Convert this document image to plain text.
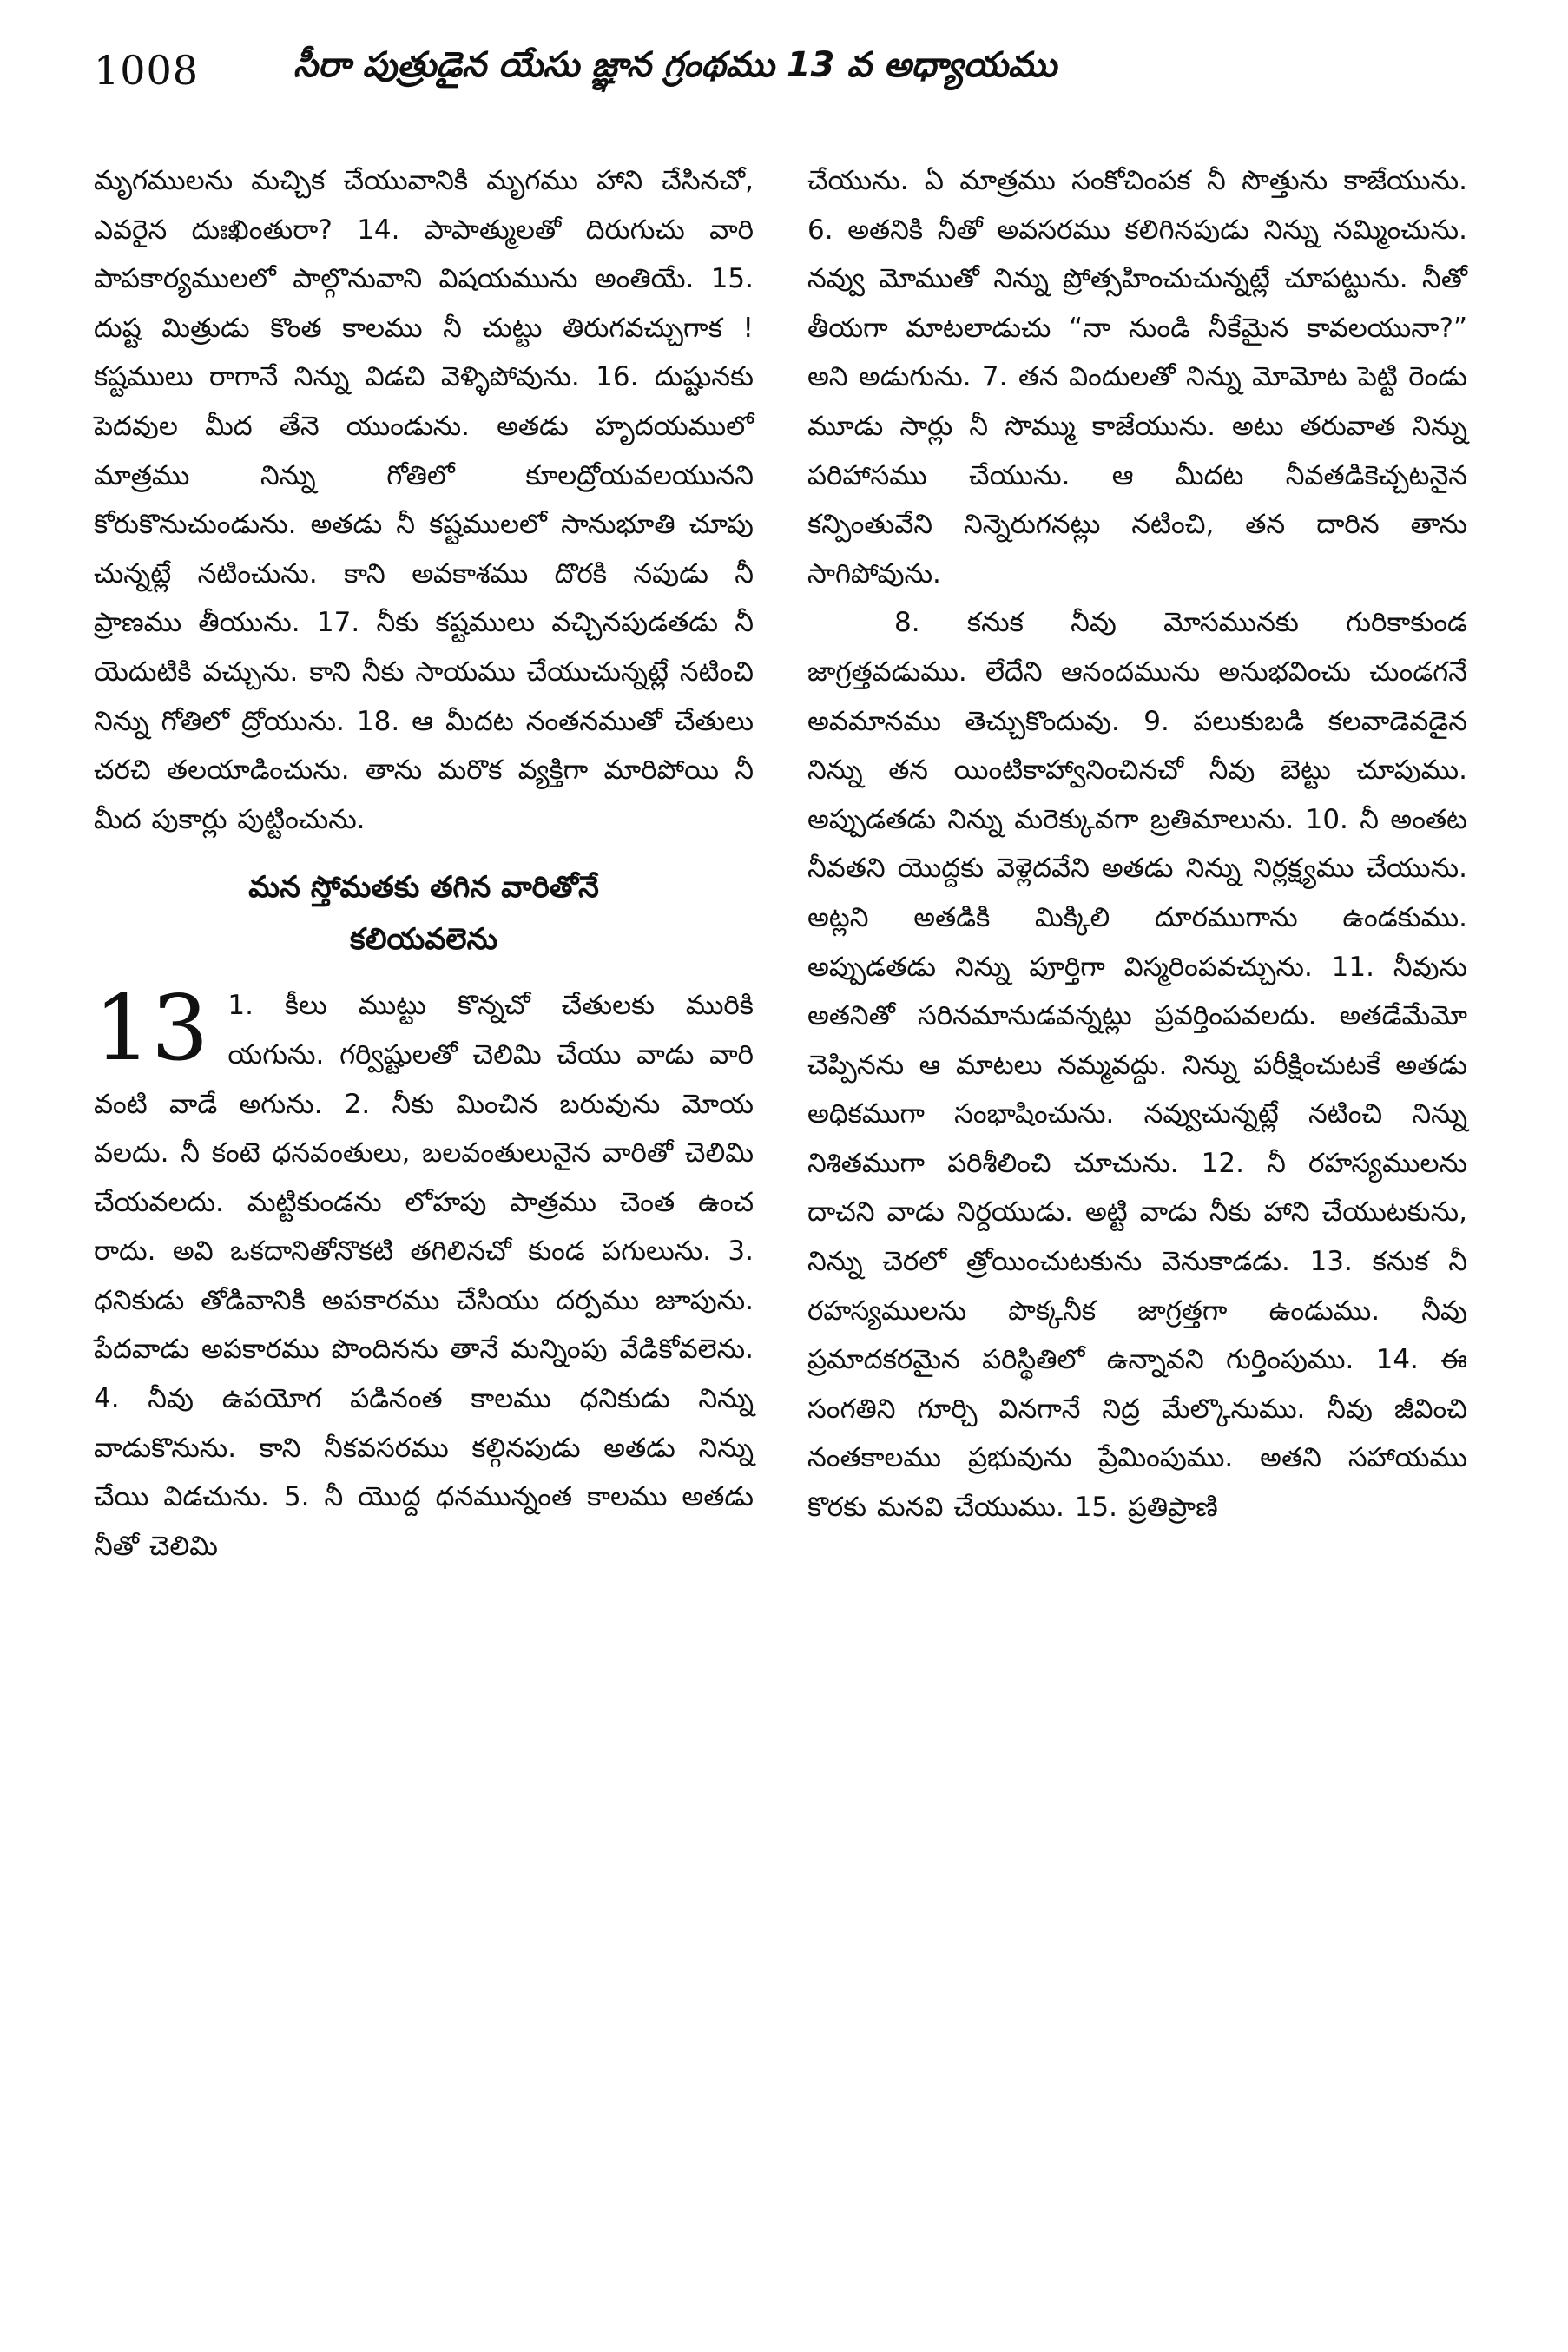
1008	సీరా పుత్రుడైన యేసు జ్ఞాన గ్రంథము 13 వ అధ్యాయము

మృగములను మచ్చిక చేయువానికి మృగము హాని చేసినచో, ఎవరైన దుఃఖింతురా? 14. పాపాత్ములతో దిరుగుచు వారి పాపకార్యములలో పాల్గొనువాని విషయమును అంతియే. 15. దుష్ట మిత్రుడు కొంత కాలము నీ చుట్టు తిరుగవచ్చుగాక ! కష్టములు రాగానే నిన్ను విడచి వెళ్ళిపోవును. 16. దుష్టునకు పెదవుల మీద తేనె యుండును. అతడు హృదయములో మాత్రము నిన్ను గోతిలో కూలద్రోయవలయునని కోరుకొనుచుండును. అతడు నీ కష్టములలో సానుభూతి చూపు చున్నట్లే నటించును. కాని అవకాశము దొరకి నపుడు నీ ప్రాణము తీయును. 17. నీకు కష్టములు వచ్చినపుడతడు నీ యెదుటికి వచ్చును. కాని నీకు సాయము చేయుచున్నట్లే నటించి నిన్ను గోతిలో ద్రోయును. 18. ఆ మీదట నంతనముతో చేతులు చరచి తలయాడించును. తాను మరొక వ్యక్తిగా మారిపోయి నీ మీద పుకార్లు పుట్టించును.

మన స్తోమతకు తగిన వారితోనే
కలియవలెను
13 1. కీలు ముట్టు కొన్నచో చేతులకు మురికి యగును. గర్విష్టులతో చెలిమి చేయు వాడు వారి వంటి వాడే అగును. 2. నీకు మించిన బరువును మోయ వలదు. నీ కంటె ధనవంతులు, బలవంతులునైన వారితో చెలిమి చేయవలదు. మట్టికుండను లోహపు పాత్రము చెంత ఉంచ రాదు. అవి ఒకదానితోనొకటి తగిలినచో కుండ పగులును. 3. ధనికుడు తోడివానికి అపకారము చేసియు దర్పము జూపును. పేదవాడు అపకారము పొందినను తానే మన్నింపు వేడికోవలెను. 4. నీవు ఉపయోగ పడినంత కాలము ధనికుడు నిన్ను వాడుకొనును. కాని నీకవసరము కల్గినపుడు అతడు నిన్ను చేయి విడచును. 5. నీ యొద్ద ధనమున్నంత కాలము అతడు నీతో చెలిమి

చేయును. ఏ మాత్రము సంకోచింపక నీ సొత్తును కాజేయును. 6. అతనికి నీతో అవసరము కలిగినపుడు నిన్ను నమ్మించును. నవ్వు మోముతో నిన్ను ప్రోత్సహించుచున్నట్లే చూపట్టును. నీతో తీయగా మాటలాడుచు “నా నుండి నీకేమైన కావలయునా?” అని అడుగును. 7. తన విందులతో నిన్ను మోమోట పెట్టి రెండు మూడు సార్లు నీ సొమ్ము కాజేయును. అటు తరువాత నిన్ను పరిహాసము చేయును. ఆ మీదట నీవతడికెచ్చటనైన కన్పింతువేని నిన్నెరుగనట్లు నటించి, తన దారిన తాను సాగిపోవును.

8. కనుక నీవు మోసమునకు గురికాకుండ జాగ్రత్తవడుము. లేదేని ఆనందమును అనుభవించు చుండగనే అవమానము తెచ్చుకొందువు. 9. పలుకుబడి కలవాడెవడైన నిన్ను తన యింటికాహ్వానించినచో నీవు బెట్టు చూపుము. అప్పుడతడు నిన్ను మరెక్కువగా బ్రతిమాలును. 10. నీ అంతట నీవతని యొద్దకు వెళ్లెదవేని అతడు నిన్ను నిర్లక్ష్యము చేయును. అట్లని అతడికి మిక్కిలి దూరముగాను ఉండకుము. అప్పుడతడు నిన్ను పూర్తిగా విస్మరింపవచ్చును. 11. నీవును అతనితో సరినమానుడవన్నట్లు ప్రవర్తింపవలదు. అతడేమేమో చెప్పినను ఆ మాటలు నమ్మవద్దు. నిన్ను పరీక్షించుటకే అతడు అధికముగా సంభాషించును. నవ్వుచున్నట్లే నటించి నిన్ను నిశితముగా పరిశీలించి చూచును. 12. నీ రహస్యములను దాచని వాడు నిర్దయుడు. అట్టి వాడు నీకు హాని చేయుటకును, నిన్ను చెరలో త్రోయించుటకును వెనుకాడడు. 13. కనుక నీ రహస్యములను పొక్కనీక జాగ్రత్తగా ఉండుము. నీవు ప్రమాదకరమైన పరిస్థితిలో ఉన్నావని గుర్తింపుము. 14. ఈ సంగతిని గూర్చి వినగానే నిద్ర మేల్కొనుము. నీవు జీవించి నంతకాలము ప్రభువును ప్రేమింపుము. అతని సహాయము కొరకు మనవి చేయుము. 15. ప్రతిప్రాణి
